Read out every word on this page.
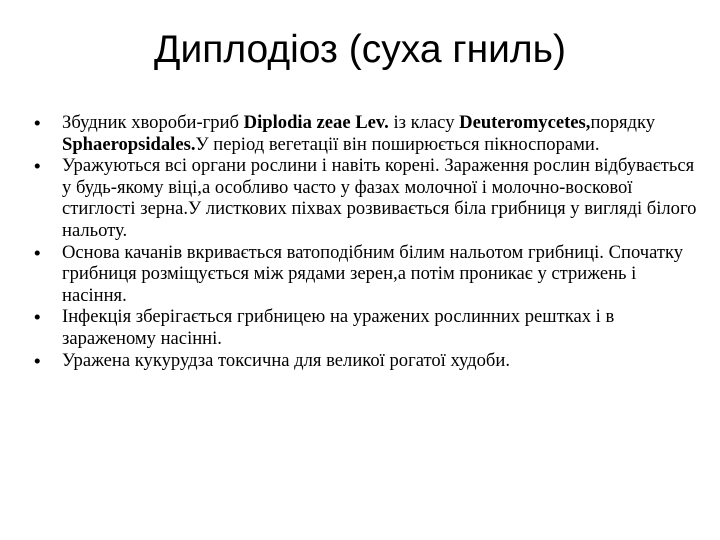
Диплодіоз (суха гниль)
•	Збудник хвороби-гриб Diplodia zeae Lev. із класу Deuteromycetes,порядку Sphaeropsidales.У період вегетації він поширюється пікноспорами.
•	Уражуються всі органи рослини і навіть корені. Зараження рослин відбувається у будь-якому віці,а особливо часто у фазах молочної і молочно-воскової стиглості зерна.У листкових піхвах розвивається біла грибниця у вигляді білого нальоту.
•	Основа качанів вкривається ватоподібним білим нальотом грибниці. Спочатку грибниця розміщується між рядами зерен,а потім проникає у стрижень і насіння.
•	Інфекція зберігається грибницею на уражених рослинних рештках і в зараженому насінні.
•	Уражена кукурудза токсична для великої рогатої худоби.
